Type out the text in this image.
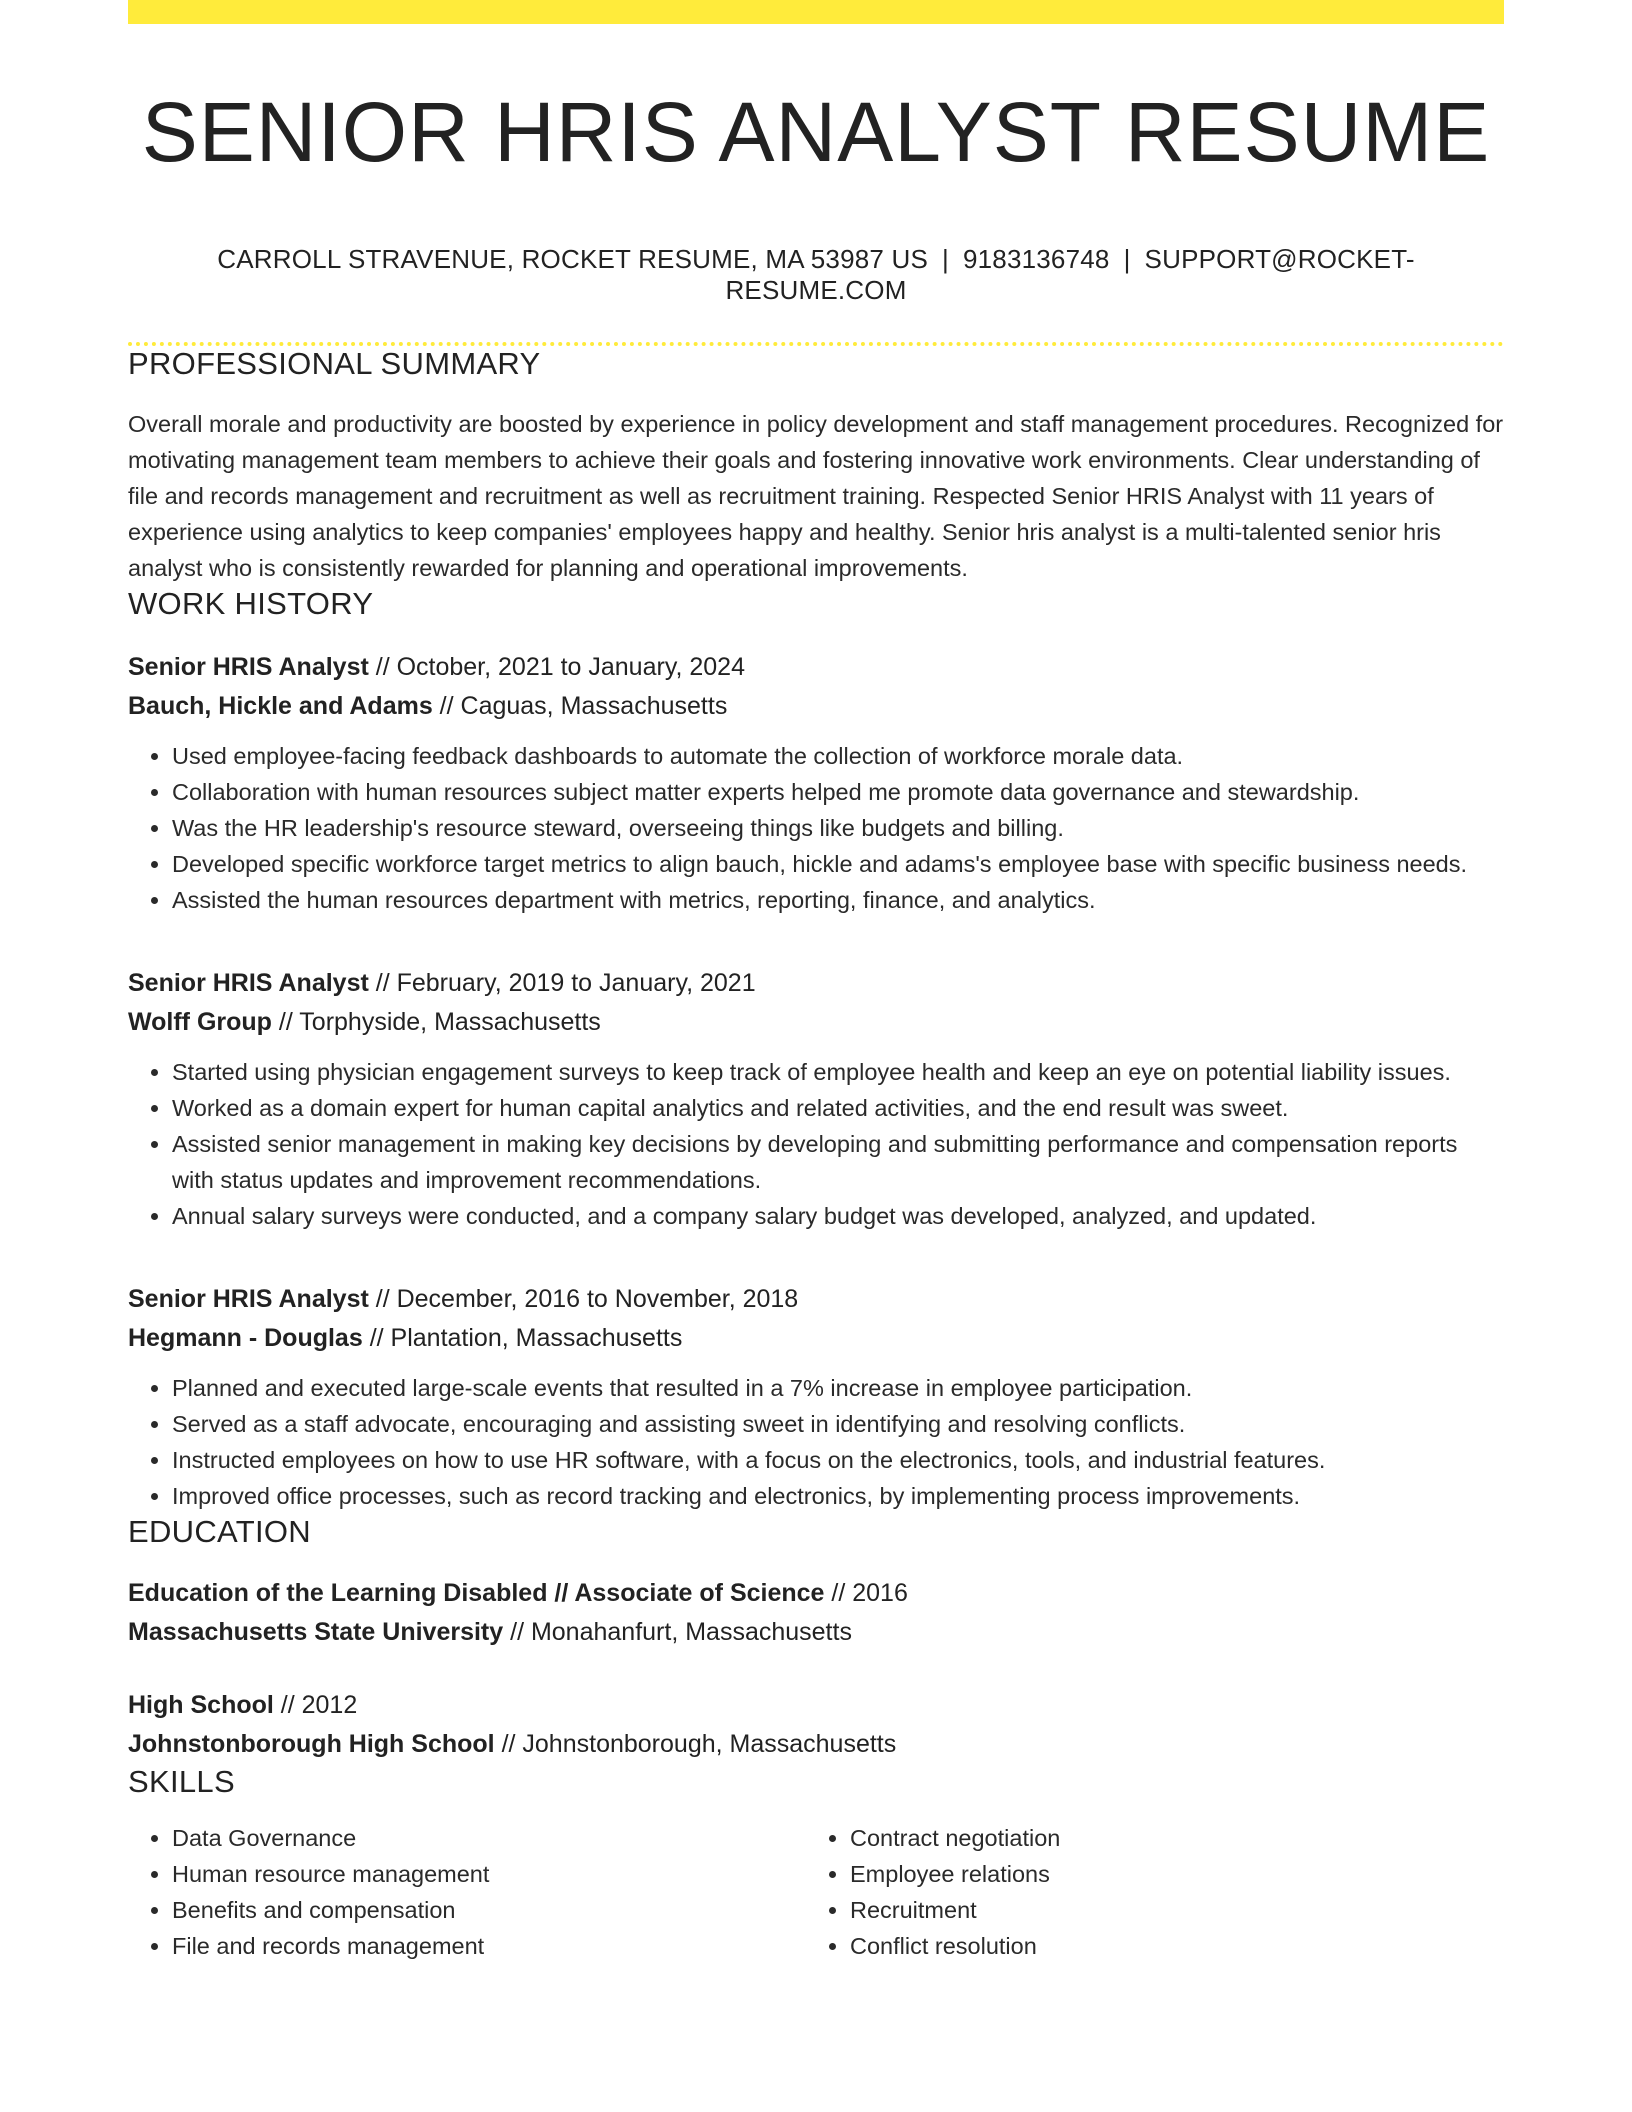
SENIOR HRIS ANALYST RESUME
CARROLL STRAVENUE, ROCKET RESUME, MA 53987 US | 9183136748 | SUPPORT@ROCKET-RESUME.COM
PROFESSIONAL SUMMARY

Overall morale and productivity are boosted by experience in policy development and staff management procedures. Recognized for motivating management team members to achieve their goals and fostering innovative work environments. Clear understanding of file and records management and recruitment as well as recruitment training. Respected Senior HRIS Analyst with 11 years of experience using analytics to keep companies' employees happy and healthy. Senior hris analyst is a multi-talented senior hris analyst who is consistently rewarded for planning and operational improvements.

WORK HISTORY
Senior HRIS Analyst // October, 2021 to January, 2024
Bauch, Hickle and Adams // Caguas, Massachusetts
• Used employee-facing feedback dashboards to automate the collection of workforce morale data.
• Collaboration with human resources subject matter experts helped me promote data governance and stewardship.
• Was the HR leadership's resource steward, overseeing things like budgets and billing.
• Developed specific workforce target metrics to align bauch, hickle and adams's employee base with specific business needs.
• Assisted the human resources department with metrics, reporting, finance, and analytics.
Senior HRIS Analyst // February, 2019 to January, 2021
Wolff Group // Torphyside, Massachusetts
• Started using physician engagement surveys to keep track of employee health and keep an eye on potential liability issues.
• Worked as a domain expert for human capital analytics and related activities, and the end result was sweet.
• Assisted senior management in making key decisions by developing and submitting performance and compensation reports with status updates and improvement recommendations.
• Annual salary surveys were conducted, and a company salary budget was developed, analyzed, and updated.
Senior HRIS Analyst // December, 2016 to November, 2018
Hegmann - Douglas // Plantation, Massachusetts
• Planned and executed large-scale events that resulted in a 7% increase in employee participation.
• Served as a staff advocate, encouraging and assisting sweet in identifying and resolving conflicts.
• Instructed employees on how to use HR software, with a focus on the electronics, tools, and industrial features.
• Improved office processes, such as record tracking and electronics, by implementing process improvements.
EDUCATION
Education of the Learning Disabled // Associate of Science // 2016
Massachusetts State University // Monahanfurt, Massachusetts
High School // 2012
Johnstonborough High School // Johnstonborough, Massachusetts
SKILLS
• Data Governance
• Human resource management
• Benefits and compensation
• File and records management
• Contract negotiation
• Employee relations
• Recruitment
• Conflict resolution
